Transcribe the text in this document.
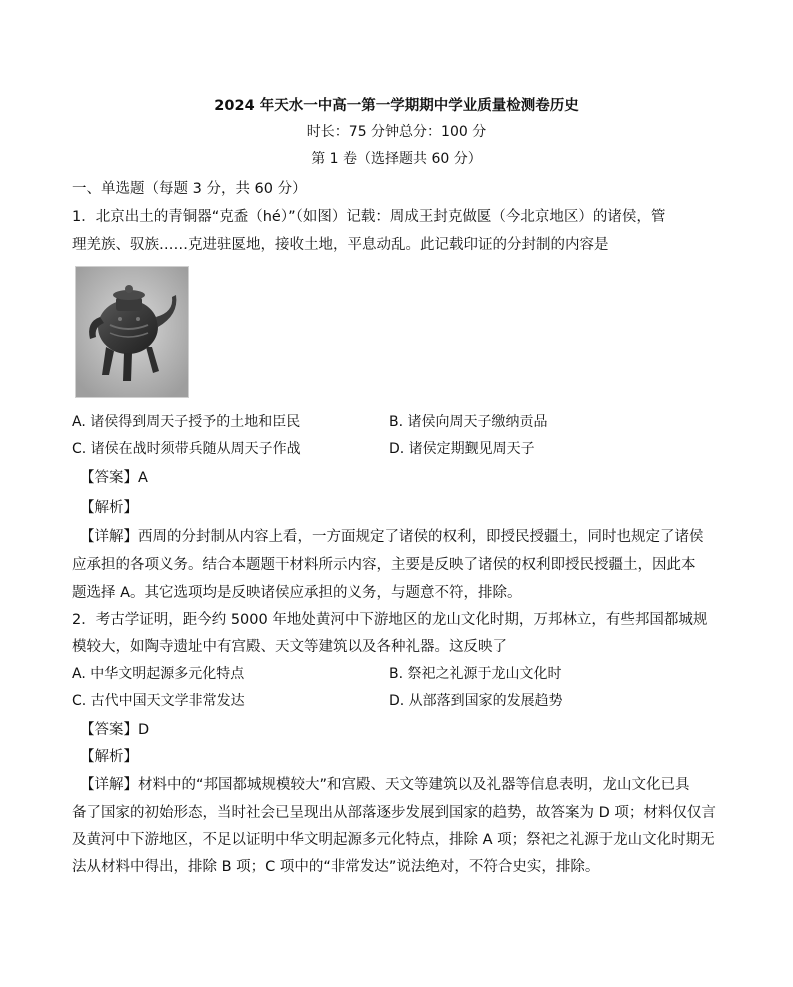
2024 年天水一中高一第一学期期中学业质量检测卷历史
时长：75 分钟总分：100 分
第 1 卷（选择题共 60 分）
一、单选题（每题 3 分，共 60 分）
1．北京出土的青铜器“克盉（hé）”（如图）记载：周成王封克做匽（今北京地区）的诸侯，管
理羌族、驭族……克进驻匽地，接收土地，平息动乱。此记载印证的分封制的内容是
A. 诸侯得到周天子授予的土地和臣民	B. 诸侯向周天子缴纳贡品
C. 诸侯在战时须带兵随从周天子作战	D. 诸侯定期觐见周天子
【答案】A
【解析】
【详解】西周的分封制从内容上看，一方面规定了诸侯的权利，即授民授疆土，同时也规定了诸侯
应承担的各项义务。结合本题题干材料所示内容，主要是反映了诸侯的权利即授民授疆土，因此本
题选择 A。其它选项均是反映诸侯应承担的义务，与题意不符，排除。
2．考古学证明，距今约 5000 年地处黄河中下游地区的龙山文化时期，万邦林立，有些邦国都城规
模较大，如陶寺遗址中有宫殿、天文等建筑以及各种礼器。这反映了
A. 中华文明起源多元化特点	B. 祭祀之礼源于龙山文化时
C. 古代中国天文学非常发达	D. 从部落到国家的发展趋势
【答案】D
【解析】
【详解】材料中的“邦国都城规模较大”和宫殿、天文等建筑以及礼器等信息表明，龙山文化已具
备了国家的初始形态，当时社会已呈现出从部落逐步发展到国家的趋势，故答案为 D 项；材料仅仅言
及黄河中下游地区，不足以证明中华文明起源多元化特点，排除 A 项；祭祀之礼源于龙山文化时期无
法从材料中得出，排除 B 项；C 项中的“非常发达”说法绝对，不符合史实，排除。
